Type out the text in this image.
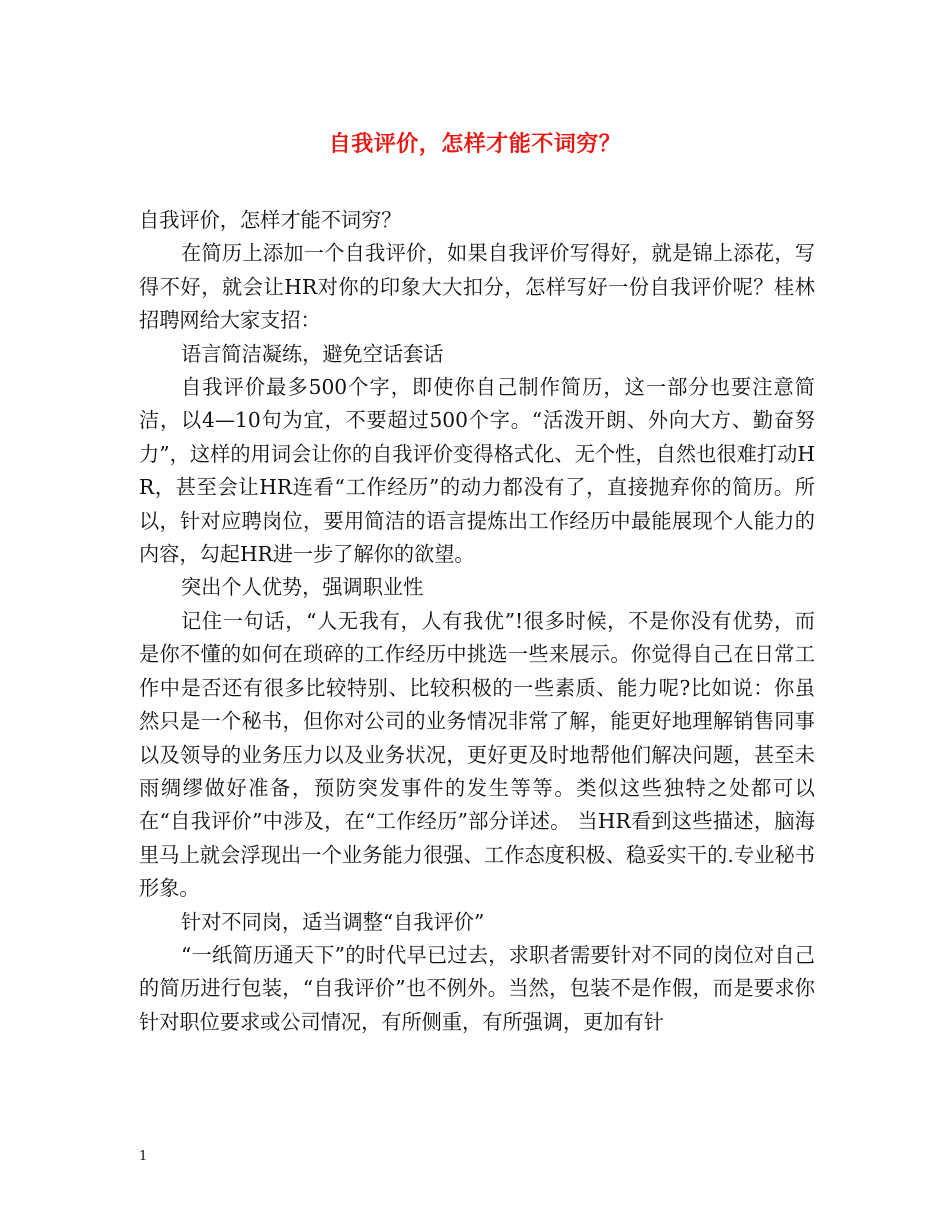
自我评价，怎样才能不词穷？

自我评价，怎样才能不词穷？

在简历上添加一个自我评价，如果自我评价写得好，就是锦上添花，写得不好，就会让HR对你的印象大大扣分，怎样写好一份自我评价呢？桂林招聘网给大家支招：

语言简洁凝练，避免空话套话

自我评价最多500个字，即使你自己制作简历，这一部分也要注意简洁，以4—10句为宜，不要超过500个字。“活泼开朗、外向大方、勤奋努力”，这样的用词会让你的自我评价变得格式化、无个性，自然也很难打动HR，甚至会让HR连看“工作经历”的动力都没有了，直接抛弃你的简历。所以，针对应聘岗位，要用简洁的语言提炼出工作经历中最能展现个人能力的内容，勾起HR进一步了解你的欲望。

突出个人优势，强调职业性

记住一句话，“人无我有，人有我优”!很多时候，不是你没有优势，而是你不懂的如何在琐碎的工作经历中挑选一些来展示。你觉得自己在日常工作中是否还有很多比较特别、比较积极的一些素质、能力呢?比如说：你虽然只是一个秘书，但你对公司的业务情况非常了解，能更好地理解销售同事以及领导的业务压力以及业务状况，更好更及时地帮他们解决问题，甚至未雨绸缪做好准备，预防突发事件的发生等等。类似这些独特之处都可以在“自我评价”中涉及，在“工作经历”部分详述。 当HR看到这些描述，脑海里马上就会浮现出一个业务能力很强、工作态度积极、稳妥实干的.专业秘书形象。

针对不同岗，适当调整“自我评价”

“一纸简历通天下”的时代早已过去，求职者需要针对不同的岗位对自己的简历进行包装，“自我评价”也不例外。当然，包装不是作假，而是要求你针对职位要求或公司情况，有所侧重，有所强调，更加有针

1
